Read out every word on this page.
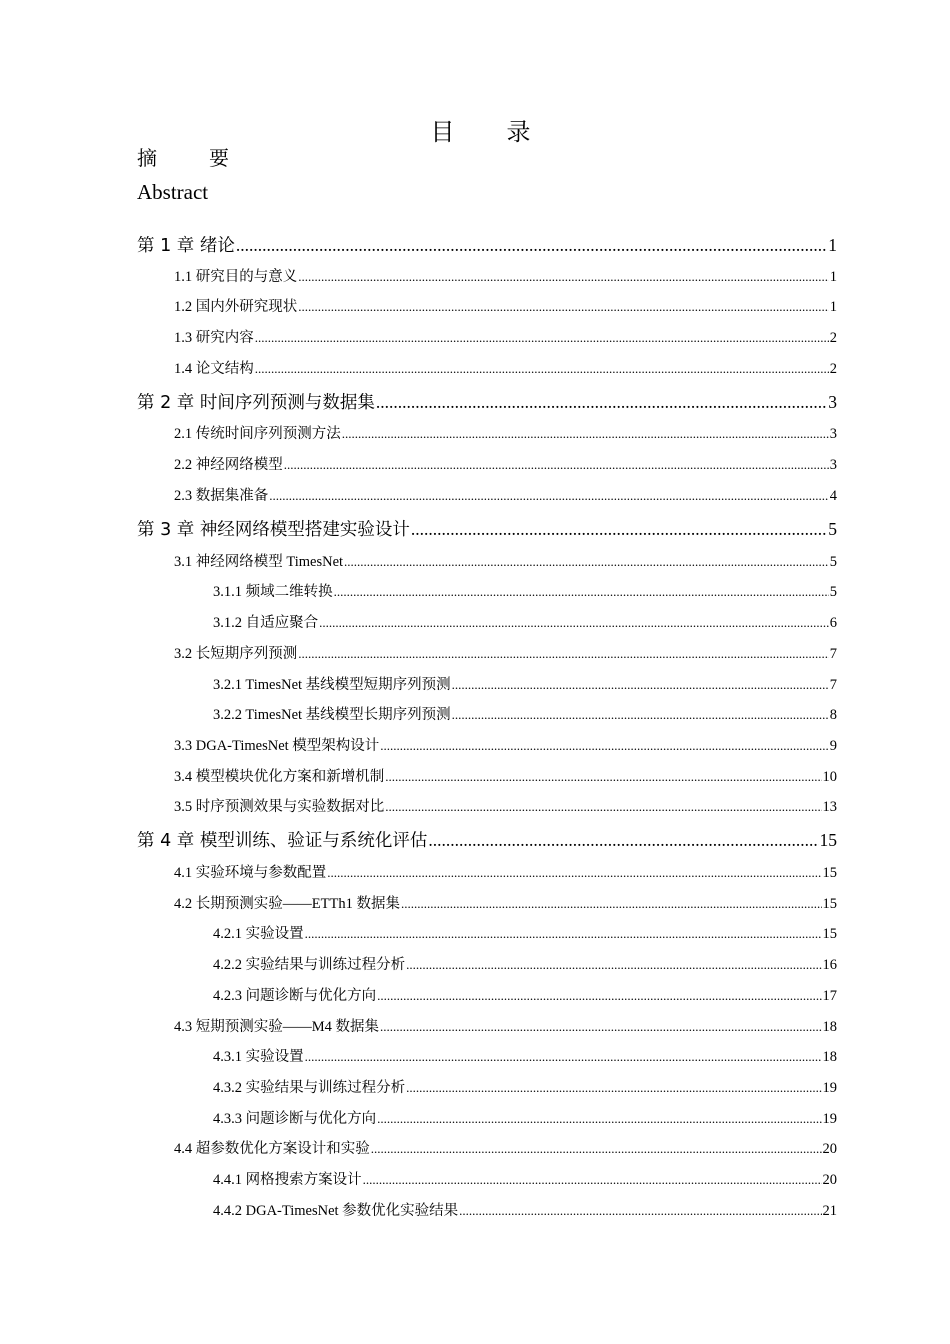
目　录
摘　要
Abstract
第 1 章 绪论 .....	1
1.1 研究目的与意义 .....	1
1.2 国内外研究现状 .....	1
1.3 研究内容 .....	2
1.4 论文结构 .....	2
第 2 章 时间序列预测与数据集 .....	3
2.1 传统时间序列预测方法 .....	3
2.2 神经网络模型 .....	3
2.3 数据集准备 .....	4
第 3 章 神经网络模型搭建实验设计 .....	5
3.1 神经网络模型 TimesNet .....	5
3.1.1 频域二维转换 .....	5
3.1.2 自适应聚合 .....	6
3.2 长短期序列预测 .....	7
3.2.1 TimesNet 基线模型短期序列预测 .....	7
3.2.2 TimesNet 基线模型长期序列预测 .....	8
3.3 DGA-TimesNet 模型架构设计 .....	9
3.4 模型模块优化方案和新增机制 .....	10
3.5 时序预测效果与实验数据对比 .....	13
第 4 章 模型训练、验证与系统化评估 .....	15
4.1 实验环境与参数配置 .....	15
4.2 长期预测实验——ETTh1 数据集 .....	15
4.2.1 实验设置 .....	15
4.2.2 实验结果与训练过程分析 .....	16
4.2.3 问题诊断与优化方向 .....	17
4.3 短期预测实验——M4 数据集 .....	18
4.3.1 实验设置 .....	18
4.3.2 实验结果与训练过程分析 .....	19
4.3.3 问题诊断与优化方向 .....	19
4.4 超参数优化方案设计和实验 .....	20
4.4.1 网格搜索方案设计 .....	20
4.4.2 DGA-TimesNet 参数优化实验结果 .....	21
